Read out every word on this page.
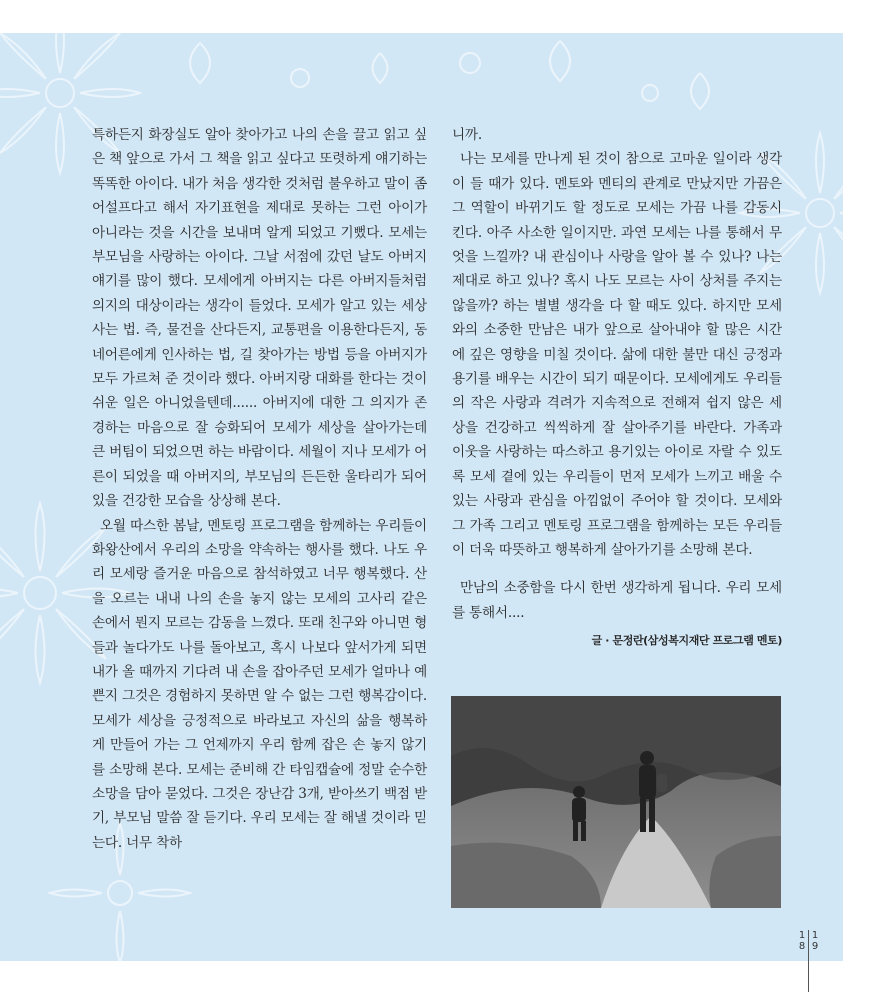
특하든지 화장실도 알아 찾아가고 나의 손을 끌고 읽고 싶은 책 앞으로 가서 그 책을 읽고 싶다고 또렷하게 얘기하는 똑똑한 아이다. 내가 처음 생각한 것처럼 불우하고 말이 좀 어설프다고 해서 자기표현을 제대로 못하는 그런 아이가 아니라는 것을 시간을 보내며 알게 되었고 기뻤다. 모세는 부모님을 사랑하는 아이다. 그날 서점에 갔던 날도 아버지 얘기를 많이 했다. 모세에게 아버지는 다른 아버지들처럼 의지의 대상이라는 생각이 들었다. 모세가 알고 있는 세상사는 법. 즉, 물건을 산다든지, 교통편을 이용한다든지, 동네어른에게 인사하는 법, 길 찾아가는 방법 등을 아버지가 모두 가르쳐 준 것이라 했다. 아버지랑 대화를 한다는 것이 쉬운 일은 아니었을텐데...... 아버지에 대한 그 의지가 존경하는 마음으로 잘 승화되어 모세가 세상을 살아가는데 큰 버팀이 되었으면 하는 바람이다. 세월이 지나 모세가 어른이 되었을 때 아버지의, 부모님의 든든한 울타리가 되어 있을 건강한 모습을 상상해 본다.

오월 따스한 봄날, 멘토링 프로그램을 함께하는 우리들이 화왕산에서 우리의 소망을 약속하는 행사를 했다. 나도 우리 모세랑 즐거운 마음으로 참석하였고 너무 행복했다. 산을 오르는 내내 나의 손을 놓지 않는 모세의 고사리 같은 손에서 뭔지 모르는 감동을 느꼈다. 또래 친구와 아니면 형들과 놀다가도 나를 돌아보고, 혹시 나보다 앞서가게 되면 내가 올 때까지 기다려 내 손을 잡아주던 모세가 얼마나 예쁜지 그것은 경험하지 못하면 알 수 없는 그런 행복감이다. 모세가 세상을 긍정적으로 바라보고 자신의 삶을 행복하게 만들어 가는 그 언제까지 우리 함께 잡은 손 놓지 않기를 소망해 본다. 모세는 준비해 간 타임캡슐에 정말 순수한 소망을 담아 묻었다. 그것은 장난감 3개, 받아쓰기 백점 받기, 부모님 말씀 잘 듣기다. 우리 모세는 잘 해낼 것이라 믿는다. 너무 착하

니까.

나는 모세를 만나게 된 것이 참으로 고마운 일이라 생각이 들 때가 있다. 멘토와 멘티의 관계로 만났지만 가끔은 그 역할이 바뀌기도 할 정도로 모세는 가끔 나를 감동시킨다. 아주 사소한 일이지만. 과연 모세는 나를 통해서 무엇을 느낄까? 내 관심이나 사랑을 알아 볼 수 있나? 나는 제대로 하고 있나? 혹시 나도 모르는 사이 상처를 주지는 않을까? 하는 별별 생각을 다 할 때도 있다. 하지만 모세와의 소중한 만남은 내가 앞으로 살아내야 할 많은 시간에 깊은 영향을 미칠 것이다. 삶에 대한 불만 대신 긍정과 용기를 배우는 시간이 되기 때문이다. 모세에게도 우리들의 작은 사랑과 격려가 지속적으로 전해져 쉽지 않은 세상을 건강하고 씩씩하게 잘 살아주기를 바란다. 가족과 이웃을 사랑하는 따스하고 용기있는 아이로 자랄 수 있도록 모세 곁에 있는 우리들이 먼저 모세가 느끼고 배울 수 있는 사랑과 관심을 아낌없이 주어야 할 것이다. 모세와 그 가족 그리고 멘토링 프로그램을 함께하는 모든 우리들이 더욱 따뜻하고 행복하게 살아가기를 소망해 본다.

만남의 소중함을 다시 한번 생각하게 됩니다. 우리 모세를 통해서....

글 · 문정란(삼성복지재단 프로그램 멘토)

1
8
1
9
